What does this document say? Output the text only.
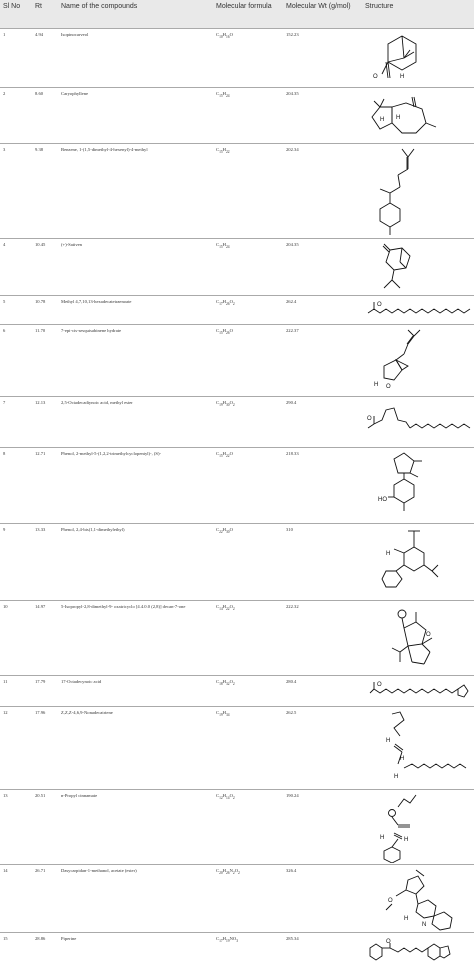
Sl No	Rt	Name of the compounds	Molecular formula	Molecular Wt (g/mol)	Structure
1	4.94	Isopinocarveol	$C_{10}H_{16}O$	152.23	O H

2	8.60	Caryophyllene	$C_{15}H_{24}$	204.35	H
H

3	9.38	Benzene, 1-(1,5-dimethyl-4-hexenyl)-4-methyl	$C_{15}H_{22}$	202.34	

4	10.45	(+)-Sativen	$C_{15}H_{24}$	204.35	

5	10.78	Methyl 4,7,10,13-hexadecatetraenoate	$C_{17}H_{26}O_2$	262.4	O

6	11.70	7-epi-cis-sesquisabinene hydrate	$C_{15}H_{26}O$	222.37	H O

7	12.13	2,5-Octadecadiynoic acid, methyl ester	$C_{19}H_{30}O_2$	290.4	O

8	12.71	Phenol, 2-methyl-5-(1,2,2-trimethylcyclopentyl)-, (S)-	$C_{15}H_{22}O$	218.33	HO

9	13.33	Phenol, 2,4-bis(1,1-dimethylethyl)	$C_{22}H_{30}O$	310	H

10	14.97	5-Isopropyl-2,8-dimethyl-9- oxatricyclo [4.4.0.0 (2,8)] decan-7-one	$C_{14}H_{22}O_2$	222.32	O

11	17.79	17-Octadecynoic acid	$C_{18}H_{32}O_2$	280.4	O

12	17.96	Z,Z,Z-4,6,9-Nonadecatriene	$C_{19}H_{34}$	262.5	H
H
H

13	20.51	n-Propyl cinnamate	$C_{12}H_{14}O_2$	190.24	H H

14	26.71	Dasycarpidan-1-methanol, acetate (ester)	$C_{20}H_{26}N_2O_2$	326.4	O
H
N

15	28.86	Piperine	$C_{17}H_{19}NO_3$	285.34	O
